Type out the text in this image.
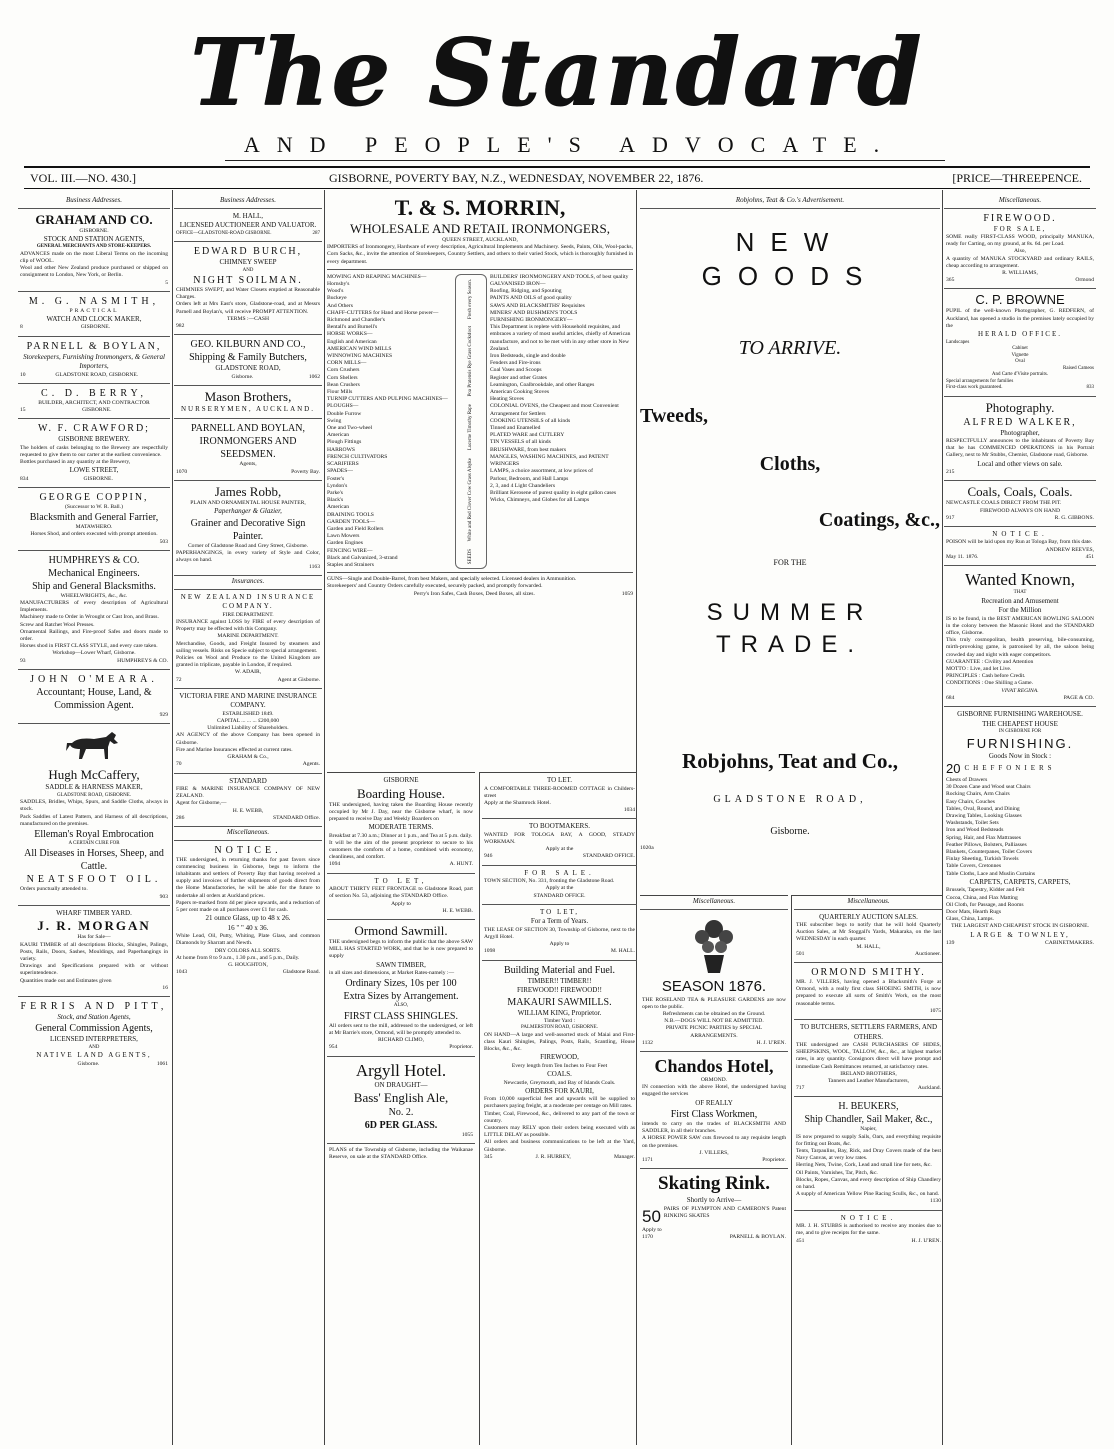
The Standard
AND PEOPLE'S ADVOCATE.
VOL. III.—NO. 430.]	GISBORNE, POVERTY BAY, N.Z., WEDNESDAY, NOVEMBER 22, 1876.	[PRICE—THREEPENCE.
Business Addresses.
GRAHAM AND CO.
GISBORNE.
STOCK AND STATION AGENTS,
GENERAL MERCHANTS AND STORE-KEEPERS.
ADVANCES made on the most Liberal Terms on the incoming clip of WOOL.
Wool and other New Zealand produce purchased or shipped on consignment to London, New York, or Berlin.
5
M. G. NASMITH,
PRACTICAL
WATCH AND CLOCK MAKER,
8	GISBORNE.
PARNELL & BOYLAN,
Storekeepers, Furnishing Ironmongers, & General Importers,
10	GLADSTONE ROAD, GISBORNE.
C. D. BERRY,
BUILDER, ARCHITECT, AND CONTRACTOR
15	GISBORNE.
W. F. CRAWFORD;
GISBORNE BREWERY.
The holders of casks belonging to the Brewery are respectfully requested to give them to our carter at the earliest convenience.
Bottles purchased in any quantity at the Brewery,
LOWE STREET,
834	GISBORNE.
GEORGE COPPIN,
(Successor to W. R. Ball.)
Blacksmith and General Farrier,
MATAWHERO.
Horses Shod, and orders executed with prompt attention.
503
HUMPHREYS & CO.
Mechanical Engineers.
Ship and General Blacksmiths.
WHEELWRIGHTS, &c., &c.
MANUFACTURERS of every description of Agricultural Implements.
Machinery made to Order in Wrought or Cast Iron, and Brass.
Screw and Ratchet Wool Presses.
Ornamental Railings, and Fire-proof Safes and doors made to order.
Horses shod in FIRST CLASS STYLE, and every care taken.
Workshop—Lower Wharf, Gisborne.
93	HUMPHREYS & CO.
JOHN O'MEARA.
Accountant; House, Land, & Commission Agent.
929
Hugh McCaffery,
SADDLE & HARNESS MAKER,
GLADSTONE ROAD, GISBORNE.
SADDLES, Bridles, Whips, Spurs, and Saddle Cloths, always in stock.
Pack Saddles of Latest Pattern, and Harness of all descriptions, manufactured on the premises.
Elleman's Royal Embrocation
A CERTAIN CURE FOR
All Diseases in Horses, Sheep, and Cattle.
NEATSFOOT OIL.
Orders punctually attended to.
903
WHARF TIMBER YARD.
J. R. MORGAN
Has for Sale—
KAURI TIMBER of all descriptions Blocks, Shingles, Palings, Posts, Rails, Doors, Sashes, Mouldings, and Paperhangings in variety.
Drawings and Specifications prepared with or without superintendence.
Quantities made out and Estimates given
16
FERRIS AND PITT,
Stock, and Station Agents,
General Commission Agents,
LICENSED INTERPRETERS,
AND
NATIVE LAND AGENTS,
Gisborne.	1061
Business Addresses.
M. HALL,
LICENSED AUCTIONEER AND VALUATOR.
OFFICE—GLADSTONE-ROAD GISBORNE.	287
EDWARD BURCH,
CHIMNEY SWEEP
AND
NIGHT SOILMAN.
CHIMNIES SWEPT, and Water Closets emptied at Reasonable Charges.
Orders left at Mrs East's store, Gladstone-road, and at Messrs Parnell and Boylan's, will receive PROMPT ATTENTION.
TERMS :—CASH
982
GEO. KILBURN AND CO.,
Shipping & Family Butchers,
GLADSTONE ROAD,
Gisborne.	1062
Mason Brothers,
NURSERYMEN, AUCKLAND.
PARNELL AND BOYLAN,
IRONMONGERS AND SEEDSMEN.
Agents,
1070	Poverty Bay.
James Robb,
PLAIN AND ORNAMENTAL HOUSE PAINTER,
Paperhanger & Glazier,
Grainer and Decorative Sign Painter.
Corner of Gladstone Road and Grey Street, Gisborne.
PAPERHANGINGS, in every variety of Style and Color, always on hand.
1163
Insurances.
NEW ZEALAND INSURANCE COMPANY.
FIRE DEPARTMENT.
INSURANCE against LOSS by FIRE of every description of Property may be effected with this Company.
MARINE DEPARTMENT.
Merchandise, Goods, and Freight Insured by steamers and sailing vessels. Risks on Specie subject to special arrangement.
Policies on Wool and Produce to the United Kingdom are granted in triplicate, payable in London, if required.
W. ADAIR,
72	Agent at Gisborne.
VICTORIA FIRE AND MARINE INSURANCE COMPANY.
ESTABLISHED 1849.
CAPITAL ... ... ... £200,000
Unlimited Liability of Shareholders.
AN AGENCY of the above Company has been opened in Gisborne.
Fire and Marine Insurances effected at current rates.
GRAHAM & Co.,
70	Agents.
STANDARD
FIRE & MARINE INSURANCE COMPANY OF NEW ZEALAND.
Agent for Gisborne,—
H. E. WEBB,
286	STANDARD Office.
Miscellaneous.
NOTICE.
THE undersigned, in returning thanks for past favors since commencing business in Gisborne, begs to inform the inhabitants and settlers of Poverty Bay that having received a supply and invoices of further shipments of goods direct from the Home Manufactories, he will be able for the future to undertake all orders at Auckland prices.
Papers re-marked from 4d per piece upwards, and a reduction of 5 per cent made on all purchases over £1 for cash.
21 ounce Glass, up to 48 x 26.
16 " " 40 x 36.
White Lead, Oil, Putty, Whiting, Plate Glass, and common Diamonds by Sharratt and Newth.
DRY COLORS ALL SORTS.
At home from 8 to 9 a.m., 1.30 p.m., and 5 p.m., Daily.
G. HOUGHTON,
1043	Gladstone Road.
T. & S. MORRIN,
WHOLESALE AND RETAIL IRONMONGERS,
QUEEN STREET, AUCKLAND,
IMPORTERS of Ironmongery, Hardware of every description, Agricultural Implements and Machinery. Seeds, Paints, Oils, Wool-packs, Corn Sacks, &c., invite the attention of Storekeepers, Country Settlers, and others to their varied Stock, which is thoroughly furnished in every department.
MOWING AND REAPING MACHINES—
Hornsby's
Wood's
Buckeye
And Others
CHAFF-CUTTERS for Hand and Horse power—
Richmond and Chandler's
Bentall's and Burnell's
HORSE WORKS—
English and American
AMERICAN WIND MILLS
WINNOWING MACHINES
CORN MILLS—
Corn Crushers
Corn Shellers
Bean Crushers
Flour Mills
TURNIP CUTTERS AND PULPING MACHINES—
PLOUGHS—
Double Furrow
Swing
One and Two-wheel
American
Plough Fittings
HARROWS
FRENCH CULTIVATORS
SCARIFIERS
SPADES—
Foster's
Lyndon's
Parke's
Black's
American
DRAINING TOOLS
GARDEN TOOLS—
Garden and Field Rollers
Lawn Mowers
Garden Engines
FENCING WIRE—
Black and Galvanized, 3-strand
Staples and Strainers
Fresh every Season.
Poa Pratensis Rye Grass Cocksfoot
Lucerne Timothy Rape
White and Red Clover Cow Grass Alsyke
SEEDS
BUILDERS' IRONMONGERY AND TOOLS, of best quality
GALVANISED IRON—
Roofing, Ridging, and Spouting
PAINTS AND OILS of good quality
SAWS AND BLACKSMITHS' Requisites
MINERS' AND BUSHMEN'S TOOLS
FURNISHING IRONMONGERY—
This Department is replete with Household requisites, and embraces a variety of most useful articles, chiefly of American manufacture, and not to be met with in any other store in New Zealand.
Iron Bedsteads, single and double
Fenders and Fire-irons
Coal Vases and Scoops
Register and other Grates
Leamington, Coalbrookdale, and other Ranges
American Cooking Stoves
Heating Stoves
COLONIAL OVENS, the Cheapest and most Convenient Arrangement for Settlers
COOKING UTENSILS of all kinds
Tinned and Enamelled
PLATED WARE and CUTLERY
TIN VESSELS of all kinds
BRUSHWARE, from best makers
MANGLES, WASHING MACHINES, and PATENT WRINGERS
LAMPS, a choice assortment, at low prices of
Parlour, Bedroom, and Hall Lamps
2, 3, and 4 Light Chandeliers
Brilliant Kerosene of purest quality in eight gallon cases
Wicks, Chimneys, and Globes for all Lamps
GUNS—Single and Double-Barrel, from best Makers, and specially selected. Licensed dealers in Ammunition.
Storekeepers' and Country Orders carefully executed, securely packed, and promptly forwarded.
Perry's Iron Safes, Cash Boxes, Deed Boxes, all sizes.	1059
GISBORNE
Boarding House.
THE undersigned, having taken the Boarding House recently occupied by Mr J. Day, near the Gisborne wharf, is now prepared to receive Day and Weekly Boarders on
MODERATE TERMS.
Breakfast at 7.30 a.m.; Dinner at 1 p.m., and Tea at 5 p.m. daily.
It will be the aim of the present proprietor to secure to his customers the comforts of a home, combined with economy, cleanliness, and comfort.
1094	A. HUNT.
TO LET,
ABOUT THIRTY FEET FRONTAGE to Gladstone Road, part of section No. 53, adjoining the STANDARD Office.
Apply to
H. E. WEBB.
Ormond Sawmill.
THE undersigned begs to inform the public that the above SAW MILL HAS STARTED WORK, and that he is now prepared to supply
SAWN TIMBER,
in all sizes and dimensions, at Market Rates-namely :—
Ordinary Sizes, 10s per 100
Extra Sizes by Arrangement.
ALSO,
FIRST CLASS SHINGLES.
All orders sent to the mill, addressed to the undersigned, or left at Mr Barrie's store, Ormond, will be promptly attended to.
RICHARD CLIMO,
954	Proprietor.
Argyll Hotel.
ON DRAUGHT—
Bass' English Ale,
No. 2.
6D PER GLASS.
1055
PLANS of the Township of Gisborne, including the Waikanae Reserve, on sale at the STANDARD Office.
TO LET.
A COMFORTABLE THREE-ROOMED COTTAGE in Childers-street
Apply at the Shamrock Hotel.
1034
TO BOOTMAKERS.
WANTED FOR TOLOGA BAY, A GOOD, STEADY WORKMAN.
Apply at the
946	STANDARD OFFICE.
FOR SALE.
TOWN SECTION, No. 331, fronting the Gladstone Road.
Apply at the
STANDARD OFFICE.
TO LET,
For a Term of Years.
THE LEASE OF SECTION 30, Township of Gisborne, next to the Argyll Hotel.
Apply to
1098	M. HALL.
Building Material and Fuel.
TIMBER!! TIMBER!!
FIREWOOD!! FIREWOOD!!
MAKAURI SAWMILLS.
WILLIAM KING, Proprietor.
Timber Yard :
PALMERSTON ROAD, GISBORNE.
ON HAND—A large and well-assorted stock of Maiai and First-class Kauri Shingles, Palings, Posts, Rails, Scantling, House Blocks, &c., &c.
FIREWOOD,
Every length from Ten Inches to Four Feet
COALS.
Newcastle, Greymouth, and Bay of Islands Coals.
ORDERS FOR KAURI,
From 10,000 superficial feet and upwards will be supplied to purchasers paying freight, at a moderate per centage on Mill rates.
Timber, Coal, Firewood, &c., delivered to any part of the town or country.
Customers may RELY upon their orders being executed with as LITTLE DELAY as possible.
All orders and business communications to be left at the Yard, Gisborne.
345	J. R. HURREY,	Manager.
Robjohns, Teat & Co.'s Advertisement.
NEW GOODS
TO ARRIVE.
Tweeds,
Cloths,
Coatings, &c.,
FOR THE
SUMMER TRADE.
Robjohns, Teat and Co.,
GLADSTONE ROAD,
Gisborne.
1020a
Miscellaneous.
SEASON 1876.
THE ROSELAND TEA & PLEASURE GARDENS are now open to the public.
Refreshments can be obtained on the Ground.
N.B.—DOGS WILL NOT BE ADMITTED.
PRIVATE PICNIC PARTIES by SPECIAL ARRANGEMENTS.
1132	H. J. U'REN.
Chandos Hotel,
ORMOND.
IN connection with the above Hotel, the undersigned having engaged the services
OF REALLY
First Class Workmen,
intends to carry on the trades of BLACKSMITH AND SADDLER, in all their branches.
A HORSE POWER SAW cuts firewood to any requisite length on the premises.
J. VILLERS,
1171	Proprietor.
Skating Rink.
Shortly to Arrive—
50 PAIRS OF PLYMPTON AND CAMERON'S Patent RINKING SKATES
Apply to
1170	PARNELL & BOYLAN.
Miscellaneous.
QUARTERLY AUCTION SALES.
THE subscriber begs to notify that he will hold Quarterly Auction Sales, at Mr Stoggall's Yards, Makaraka, on the last WEDNESDAY in each quarter.
M. HALL,
501	Auctioneer.
ORMOND SMITHY.
MR. J. VILLERS, having opened a Blacksmith's Forge at Ormond, with a really first class SHOEING SMITH, is now prepared to execute all sorts of Smith's Work, on the most reasonable terms.
1075
TO BUTCHERS, SETTLERS FARMERS, AND OTHERS.
THE undersigned are CASH PURCHASERS OF HIDES, SHEEPSKINS, WOOL, TALLOW, &c., &c., at highest market rates, in any quantity. Consignors direct will have prompt and immediate Cash Remittances returned, at satisfactory rates.
IRELAND BROTHERS,
Tanners and Leather Manufacturers,
717	Auckland.
H. BEUKERS,
Ship Chandler, Sail Maker, &c.,
Napier,
IS now prepared to supply Sails, Oars, and everything requisite for fitting out Boats, &c.
Tents, Tarpaulins, Bay, Rick, and Dray Covers made of the best Navy Canvas, at very low rates.
Herring Nets, Twine, Cork, Lead and small line for nets, &c.
Oil Paints, Varnishes, Tar, Pitch, &c.
Blocks, Ropes, Canvas, and every description of Ship Chandlery on hand.
A supply of American Yellow Pine Racing Sculls, &c., on hand.
1130
NOTICE.
MR. J. H. STUBBS is authorised to receive any monies due to me, and to give receipts for the same.
451	H. J. U'REN.
Miscellaneous.
FIREWOOD.
FOR SALE,
SOME really FIRST-CLASS WOOD, principally MANUKA, ready for Carting, on my ground, at 8s. 6d. per Load.
Also,
A quantity of MANUKA STOCKYARD and ordinary RAILS, cheap according to arrangement.
R. WILLIAMS,
365	Ormond
C. P. BROWNE
PUPIL of the well-known Photographer, G. REDFERN, of Auckland, has opened a studio in the premises lately occupied by the
HERALD OFFICE.
Landscapes
Cabinet
Vignette
Oval
Raised Cameos
And Carte d'Visite portraits.
Special arrangements for families
First-class work guaranteed.	833
Photography.
ALFRED WALKER,
Photographer,
RESPECTFULLY announces to the inhabitants of Poverty Bay that he has COMMENCED OPERATIONS in his Portrait Gallery, next to Mr Stubbs, Chemist, Gladstone road, Gisborne.
Local and other views on sale.
215
Coals, Coals, Coals.
NEWCASTLE COALS DIRECT FROM THE PIT.
FIREWOOD ALWAYS ON HAND
917	R. G. GIBBONS.
NOTICE.
POISON will be laid upon my Run at Tologa Bay, from this date.
ANDREW REEVES,
May 11. 1876.	451
Wanted Known,
THAT
Recreation and Amusement
For the Million
IS to be found, in the BEST AMERICAN BOWLING SALOON in the colony between the Masonic Hotel and the STANDARD office, Gisborne.
This truly cosmopolitan, health preserving, bile-consuming, mirth-provoking game, is patronised by all, the saloon being crowded day and night with eager competitors.
GUARANTEE : Civility and Attention
MOTTO : Live, and let Live.
PRINCIPLES : Cash before Credit.
CONDITIONS : One Shilling a Game.
VIVAT REGINA.
684	PAGE & CO.
GISBORNE FURNISHING WAREHOUSE.
THE CHEAPEST HOUSE
IN GISBORNE FOR
FURNISHING.
Goods Now in Stock :
20 CHEFFONIERS
Chests of Drawers
30 Dozen Cane and Wood seat Chairs
Rocking Chairs, Arm Chairs
Easy Chairs, Couches
Tables, Oval, Round, and Dining
Drawing Tables, Looking Glasses
Washstands, Toilet Sets
Iron and Wood Bedsteads
Spring, Hair, and Flax Mattrasses
Feather Pillows, Bolsters, Palliasses
Blankets, Counterpanes, Toilet Covers
Finlay Sheeting, Turkish Towels
Table Covers, Cretonnes
Table Cloths, Lace and Muslin Curtains
CARPETS, CARPETS, CARPETS,
Brussels, Tapestry, Kidder and Felt
Cocoa, China, and Flax Matting
Oil Cloth, for Passage, and Rooms
Door Mats, Hearth Rugs
Glass, China, Lamps.
THE LARGEST AND CHEAPEST STOCK IN GISBORNE.
LARGE & TOWNLEY,
139	CABINETMAKERS.
